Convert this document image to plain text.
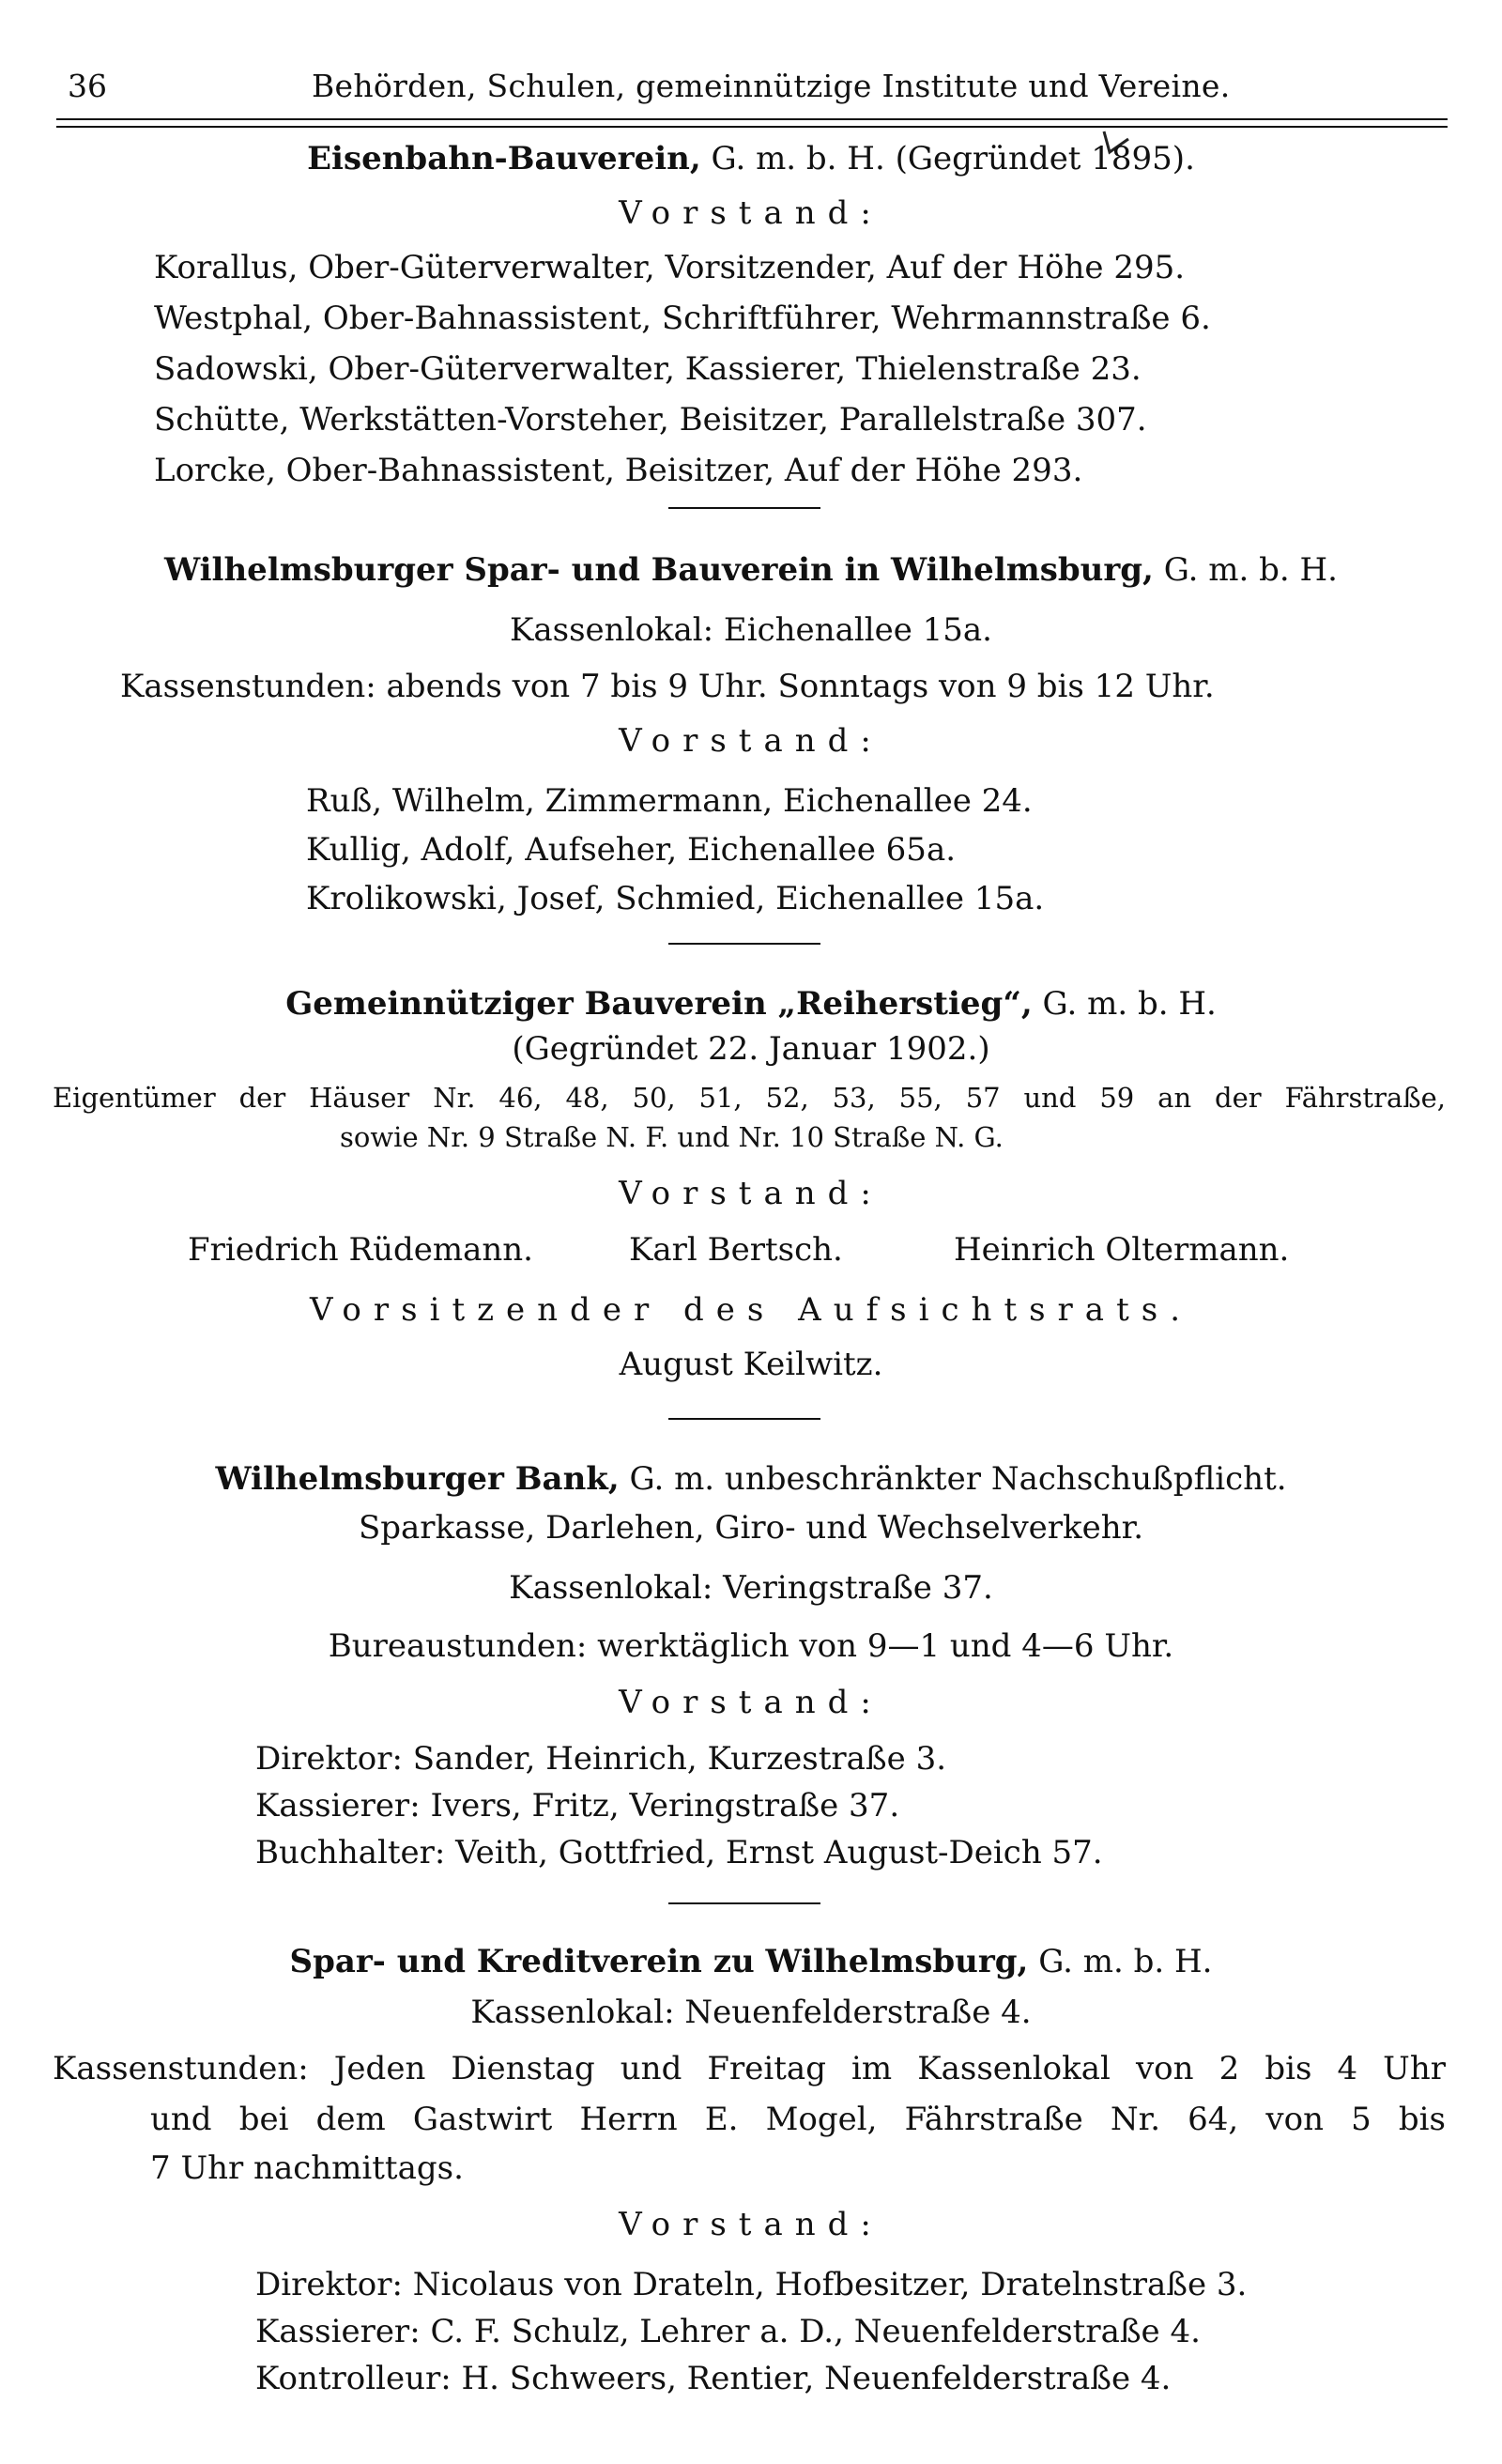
36	Behörden, Schulen, gemeinnützige Institute und Vereine.
Eisenbahn-Bauverein, G. m. b. H. (Gegründet 1895).
Vorstand:
Korallus, Ober-Güterverwalter, Vorsitzender, Auf der Höhe 295.
Westphal, Ober-Bahnassistent, Schriftführer, Wehrmannstraße 6.
Sadowski, Ober-Güterverwalter, Kassierer, Thielenstraße 23.
Schütte, Werkstätten-Vorsteher, Beisitzer, Parallelstraße 307.
Lorcke, Ober-Bahnassistent, Beisitzer, Auf der Höhe 293.
Wilhelmsburger Spar- und Bauverein in Wilhelmsburg, G. m. b. H.
Kassenlokal: Eichenallee 15a.
Kassenstunden: abends von 7 bis 9 Uhr. Sonntags von 9 bis 12 Uhr.
Vorstand:
Ruß, Wilhelm, Zimmermann, Eichenallee 24.
Kullig, Adolf, Aufseher, Eichenallee 65a.
Krolikowski, Josef, Schmied, Eichenallee 15a.
Gemeinnütziger Bauverein „Reiherstieg“, G. m. b. H.
(Gegründet 22. Januar 1902.)
Eigentümer der Häuser Nr. 46, 48, 50, 51, 52, 53, 55, 57 und 59 an der Fährstraße,
sowie Nr. 9 Straße N. F. und Nr. 10 Straße N. G.
Vorstand:
Friedrich Rüdemann.	Karl Bertsch.	Heinrich Oltermann.
Vorsitzender des Aufsichtsrats.
August Keilwitz.
Wilhelmsburger Bank, G. m. unbeschränkter Nachschußpflicht.
Sparkasse, Darlehen, Giro- und Wechselverkehr.
Kassenlokal: Veringstraße 37.
Bureaustunden: werktäglich von 9—1 und 4—6 Uhr.
Vorstand:
Direktor: Sander, Heinrich, Kurzestraße 3.
Kassierer: Ivers, Fritz, Veringstraße 37.
Buchhalter: Veith, Gottfried, Ernst August-Deich 57.
Spar- und Kreditverein zu Wilhelmsburg, G. m. b. H.
Kassenlokal: Neuenfelderstraße 4.
Kassenstunden: Jeden Dienstag und Freitag im Kassenlokal von 2 bis 4 Uhr
und bei dem Gastwirt Herrn E. Mogel, Fährstraße Nr. 64, von 5 bis
7 Uhr nachmittags.
Vorstand:
Direktor: Nicolaus von Drateln, Hofbesitzer, Dratelnstraße 3.
Kassierer: C. F. Schulz, Lehrer a. D., Neuenfelderstraße 4.
Kontrolleur: H. Schweers, Rentier, Neuenfelderstraße 4.
